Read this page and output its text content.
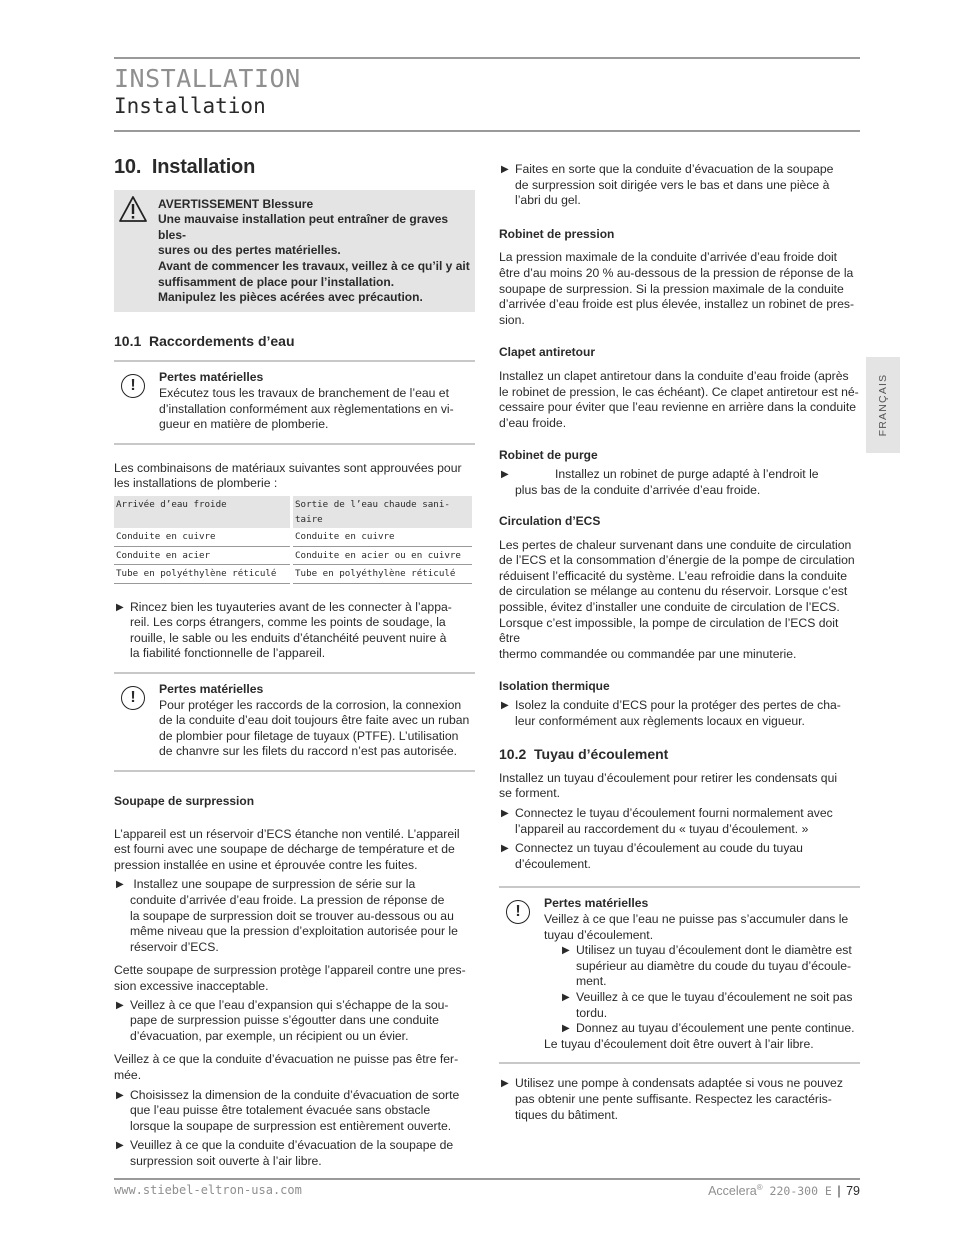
INSTALLATION
Installation
FRANÇAIS

10.  Installation

AVERTISSEMENT Blessure
Une mauvaise installation peut entraîner de graves bles-
sures ou des pertes matérielles.
Avant de commencer les travaux, veillez à ce qu’il y ait
suffisamment de place pour l’installation.
Manipulez les pièces acérées avec précaution.

10.1  Raccordements d’eau

!	Pertes matérielles
Exécutez tous les travaux de branchement de l’eau et
d’installation conformément aux règlementations en vi-
gueur en matière de plomberie.
Les combinaisons de matériaux suivantes sont approuvées pour
les installations de plomberie :
Arrivée d’eau froide	Sortie de l’eau chaude sani-
taire

Conduite en cuivre	Conduite en cuivre
Conduite en acier	Conduite en acier ou en cuivre
Tube en polyéthylène réticulé	Tube en polyéthylène réticulé
▶ Rincez bien les tuyauteries avant de les connecter à l’appa-
reil. Les corps étrangers, comme les points de soudage, la
rouille, le sable ou les enduits d’étanchéité peuvent nuire à
la fiabilité fonctionnelle de l’appareil.
!	Pertes matérielles
Pour protéger les raccords de la corrosion, la connexion
de la conduite d’eau doit toujours être faite avec un ruban
de plombier pour filetage de tuyaux (PTFE). L’utilisation
de chanvre sur les filets du raccord n’est pas autorisée.

Soupape de surpression

L’appareil est un réservoir d’ECS étanche non ventilé. L’appareil
est fourni avec une soupape de décharge de température et de
pression installée en usine et éprouvée contre les fuites.
▶ Installez une soupape de surpression de série sur la
conduite d’arrivée d’eau froide. La pression de réponse de
la soupape de surpression doit se trouver au-dessous ou au
même niveau que la pression d’exploitation autorisée pour le
réservoir d’ECS.
Cette soupape de surpression protège l’appareil contre une pres-
sion excessive inacceptable.
▶ Veillez à ce que l’eau d’expansion qui s’échappe de la sou-
pape de surpression puisse s’égoutter dans une conduite
d’évacuation, par exemple, un récipient ou un évier.
Veillez à ce que la conduite d’évacuation ne puisse pas être fer-
mée.
▶ Choisissez la dimension de la conduite d’évacuation de sorte
que l’eau puisse être totalement évacuée sans obstacle
lorsque la soupape de surpression est entièrement ouverte.
▶ Veuillez à ce que la conduite d’évacuation de la soupape de
surpression soit ouverte à l’air libre.
▶ Faites en sorte que la conduite d’évacuation de la soupape
de surpression soit dirigée vers le bas et dans une pièce à
l’abri du gel.

Robinet de pression

La pression maximale de la conduite d’arrivée d’eau froide doit
être d’au moins 20 % au-dessous de la pression de réponse de la
soupape de surpression. Si la pression maximale de la conduite
d’arrivée d’eau froide est plus élevée, installez un robinet de pres-
sion.

Clapet antiretour

Installez un clapet antiretour dans la conduite d’eau froide (après
le robinet de pression, le cas échéant). Ce clapet antiretour est né-
cessaire pour éviter que l’eau revienne en arrière dans la conduite
d’eau froide.

Robinet de purge

▶	Installez un robinet de purge adapté à l’endroit le
plus bas de la conduite d’arrivée d’eau froide.

Circulation d’ECS

Les pertes de chaleur survenant dans une conduite de circulation
de l’ECS et la consommation d’énergie de la pompe de circulation
réduisent l’efficacité du système. L’eau refroidie dans la conduite
de circulation se mélange au contenu du réservoir. Lorsque c’est
possible, évitez d’installer une conduite de circulation de l’ECS.
Lorsque c’est impossible, la pompe de circulation de l’ECS doit être
thermo commandée ou commandée par une minuterie.

Isolation thermique

▶ Isolez la conduite d’ECS pour la protéger des pertes de cha-
leur conformément aux règlements locaux en vigueur.

10.2  Tuyau d’écoulement

Installez un tuyau d’écoulement pour retirer les condensats qui
se forment.
▶ Connectez le tuyau d’écoulement fourni normalement avec
l’appareil au raccordement du « tuyau d’écoulement. »
▶ Connectez un tuyau d’écoulement au coude du tuyau
d’écoulement.
!	Pertes matérielles
Veillez à ce que l’eau ne puisse pas s’accumuler dans le
tuyau d’écoulement.
▶ Utilisez un tuyau d’écoulement dont le diamètre est
supérieur au diamètre du coude du tuyau d’écoule-
ment.
▶ Veuillez à ce que le tuyau d’écoulement ne soit pas
tordu.
▶ Donnez au tuyau d’écoulement une pente continue.
Le tuyau d’écoulement doit être ouvert à l’air libre.
▶ Utilisez une pompe à condensats adaptée si vous ne pouvez
pas obtenir une pente suffisante. Respectez les caractéris-
tiques du bâtiment.
www.stiebel-eltron-usa.com	Accelera® 220-300 E | 79
